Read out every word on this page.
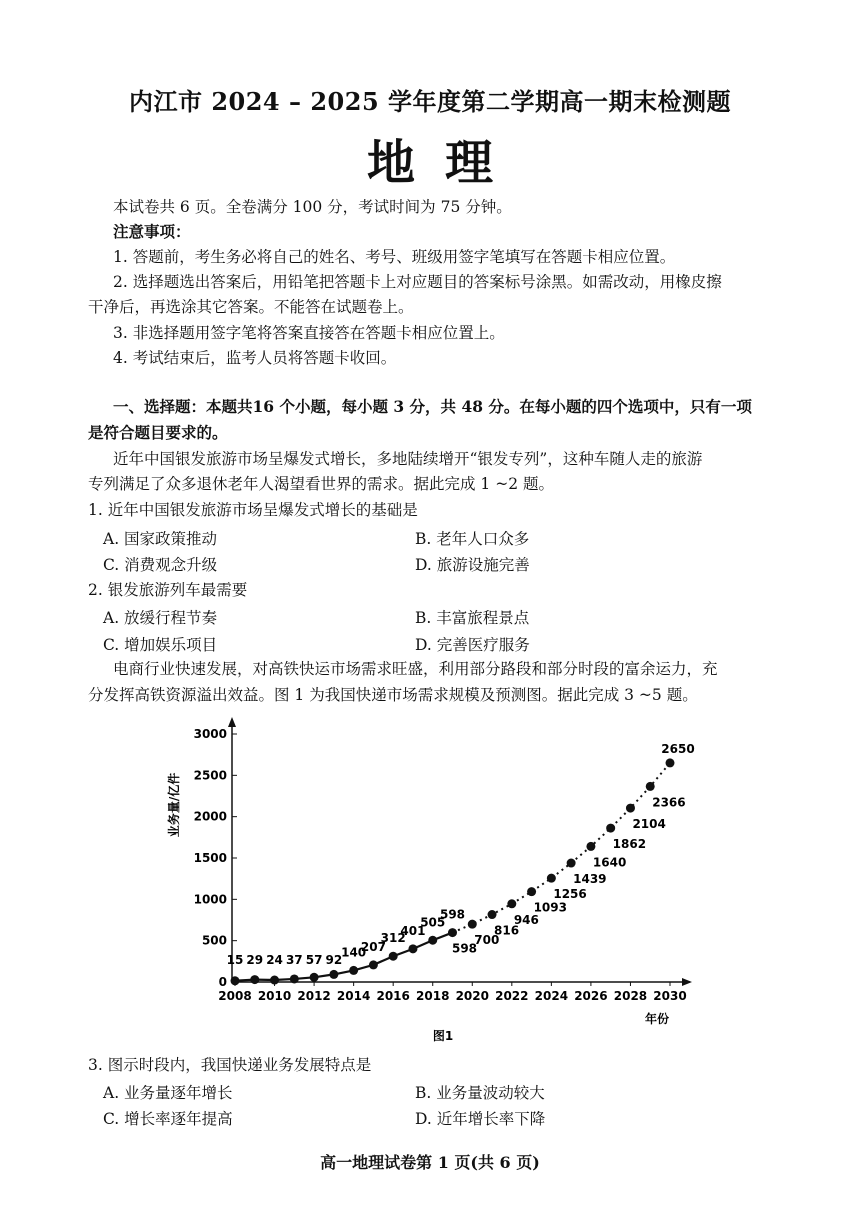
内江市 2024 – 2025 学年度第二学期高一期末检测题
地理
本试卷共 6 页。全卷满分 100 分，考试时间为 75 分钟。
注意事项：
1. 答题前，考生务必将自己的姓名、考号、班级用签字笔填写在答题卡相应位置。
2. 选择题选出答案后，用铅笔把答题卡上对应题目的答案标号涂黑。如需改动，用橡皮擦
干净后，再选涂其它答案。不能答在试题卷上。
3. 非选择题用签字笔将答案直接答在答题卡相应位置上。
4. 考试结束后，监考人员将答题卡收回。
一、选择题：本题共16 个小题，每小题 3 分，共 48 分。在每小题的四个选项中，只有一项
是符合题目要求的。
近年中国银发旅游市场呈爆发式增长，多地陆续增开“银发专列”，这种车随人走的旅游
专列满足了众多退休老年人渴望看世界的需求。据此完成 1 ~2 题。
1. 近年中国银发旅游市场呈爆发式增长的基础是
A. 国家政策推动	B. 老年人口众多
C. 消费观念升级	D. 旅游设施完善
2. 银发旅游列车最需要
A. 放缓行程节奏	B. 丰富旅程景点
C. 增加娱乐项目	D. 完善医疗服务
电商行业快速发展，对高铁快运市场需求旺盛，利用部分路段和部分时段的富余运力，充
分发挥高铁资源溢出效益。图 1 为我国快递市场需求规模及预测图。据此完成 3 ~5 题。
0
500
1000
1500
2000
2500
3000
2008 2010 2012 2014 2016 2018 2020 2022 2024 2026 2028 2030
业务量/亿件
年份
图1
15 29 24 37 57 92
140
207
312
401
505
598
598
700
816
946
1093
1256
1439
1640
1862
2104
2366
2650
3. 图示时段内，我国快递业务发展特点是
A. 业务量逐年增长	B. 业务量波动较大
C. 增长率逐年提高	D. 近年增长率下降
高一地理试卷第 1 页(共 6 页)
